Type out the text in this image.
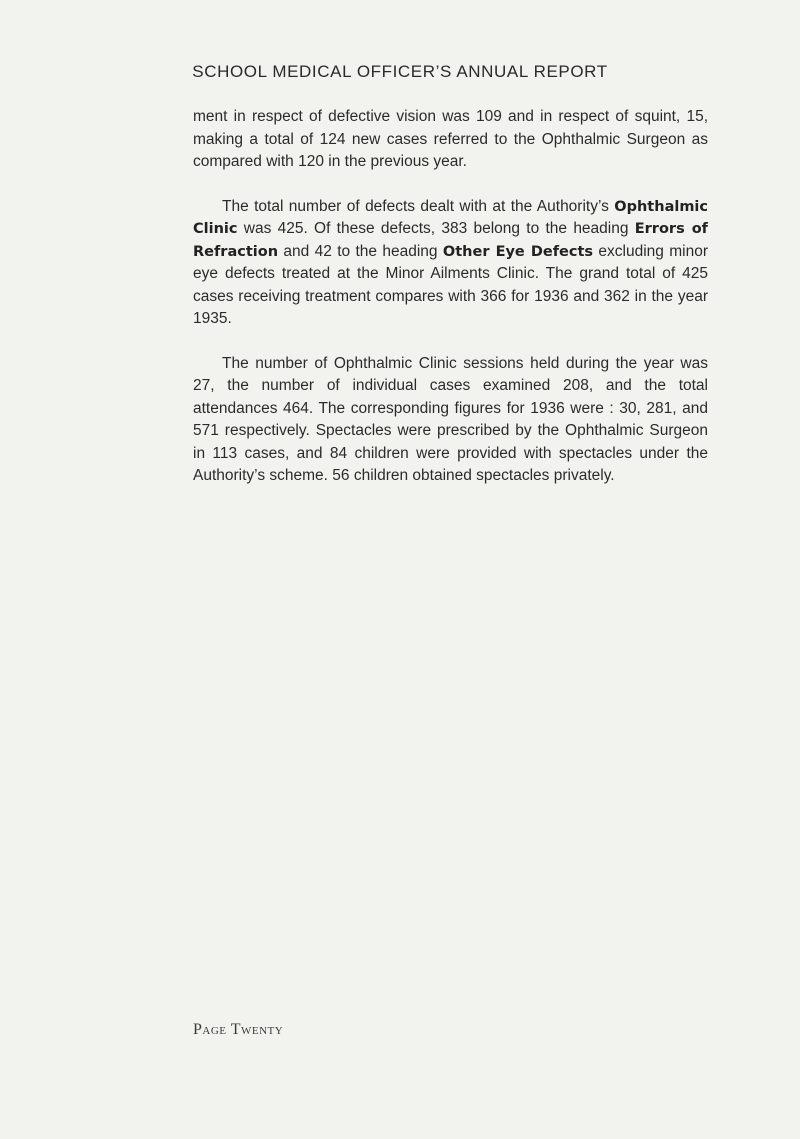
SCHOOL MEDICAL OFFICER’S ANNUAL REPORT

ment in respect of defective vision was 109 and in respect of squint, 15, making a total of 124 new cases referred to the Ophthalmic Surgeon as compared with 120 in the previous year.

The total number of defects dealt with at the Authority’s Ophthalmic Clinic was 425. Of these defects, 383 belong to the heading Errors of Refraction and 42 to the heading Other Eye Defects excluding minor eye defects treated at the Minor Ailments Clinic. The grand total of 425 cases receiving treatment compares with 366 for 1936 and 362 in the year 1935.

The number of Ophthalmic Clinic sessions held during the year was 27, the number of individual cases examined 208, and the total attendances 464. The corresponding figures for 1936 were : 30, 281, and 571 respectively. Spectacles were prescribed by the Ophthalmic Surgeon in 113 cases, and 84 children were provided with spectacles under the Authority’s scheme. 56 children obtained spectacles privately.

Page Twenty
